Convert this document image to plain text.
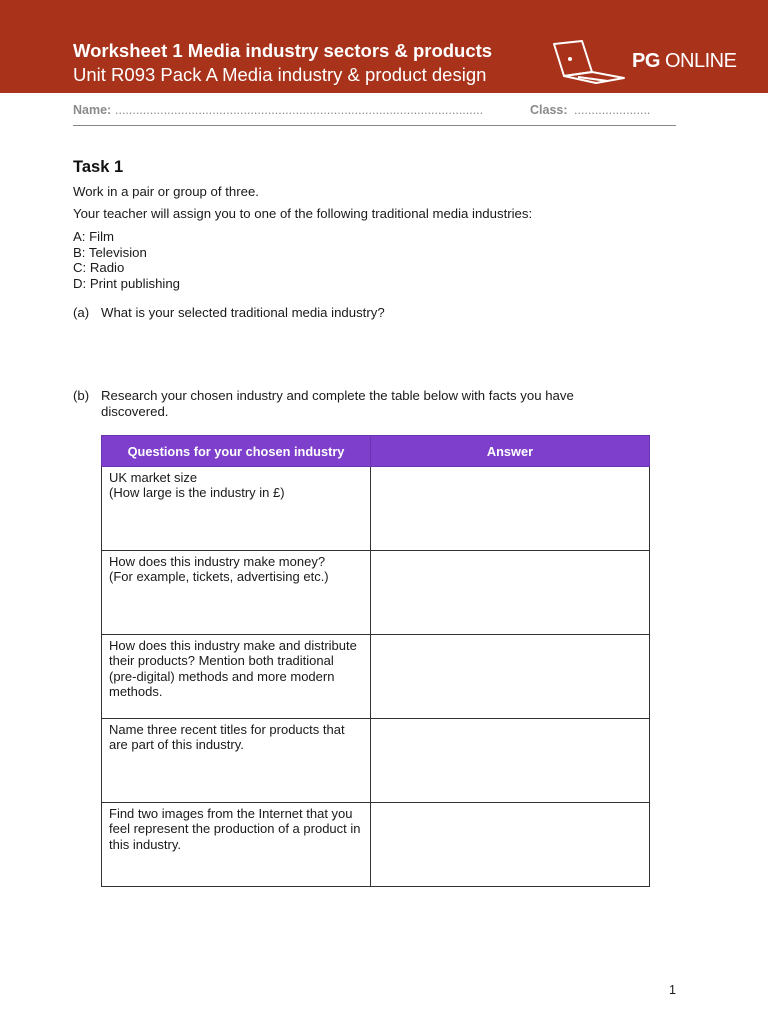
Worksheet 1 Media industry sectors & products
Unit R093 Pack A Media industry & product design
PG ONLINE
Name: ..........................................................................................................	Class: ......................
Task 1
Work in a pair or group of three.
Your teacher will assign you to one of the following traditional media industries:
A: Film
B: Television
C: Radio
D: Print publishing
(a) What is your selected traditional media industry?
(b) Research your chosen industry and complete the table below with facts you have discovered.
Questions for your chosen industry	Answer
UK market size
(How large is the industry in £)	
How does this industry make money?
(For example, tickets, advertising etc.)	
How does this industry make and distribute their products? Mention both traditional (pre-digital) methods and more modern methods.	
Name three recent titles for products that are part of this industry.	
Find two images from the Internet that you feel represent the production of a product in this industry.	
1
